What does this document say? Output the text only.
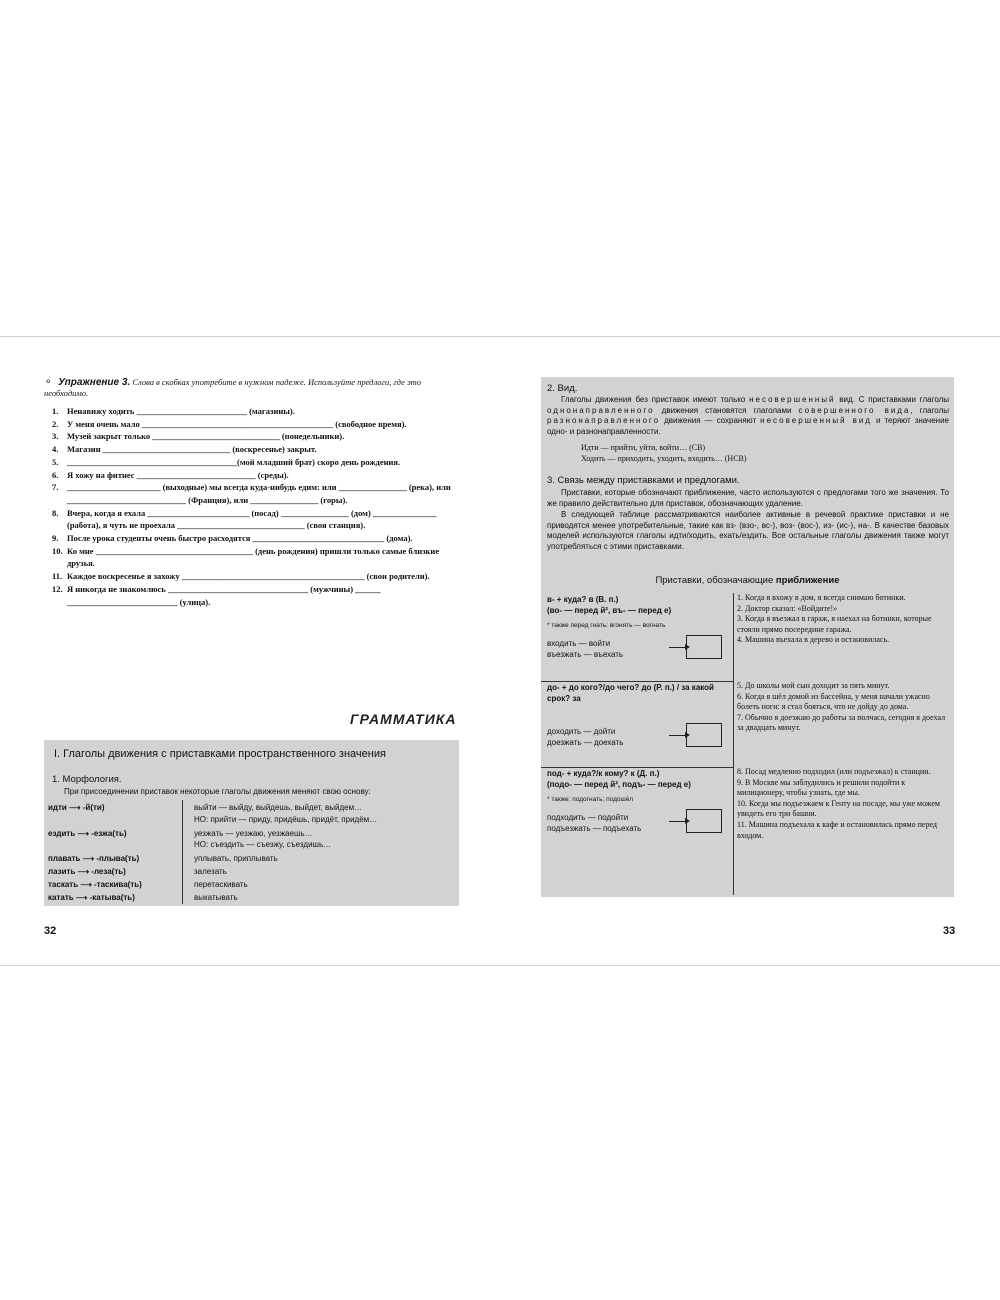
⚬ Упражнение 3. Слова в скобках употребите в нужном падеже. Используйте предлоги, где это необходимо.
1.	Ненавижу ходить __________________________ (магазины).
2.	У меня очень мало _____________________________________________ (свободное время).
3.	Музей закрыт только ______________________________ (понедельники).
4.	Магазин ______________________________ (воскресенье) закрыт.
5.	________________________________________(мой младший брат) скоро день рождения.
6.	Я хожу на фитнес ____________________________ (среды).
7.	______________________ (выходные) мы всегда куда-нибудь едим: или ________________ (река), или ____________________________ (Франция), или ________________ (горы).
8.	Вчера, когда я ехала ________________________ (посад) ________________ (дом) _______________ (работа), я чуть не проехала ______________________________ (своя станция).
9.	После урока студенты очень быстро расходятся _______________________________ (дома).
10. Ко мне _____________________________________ (день рождения) пришли только самые близкие друзья.
11. Каждое воскресенье я захожу ___________________________________________ (свои родители).
12. Я никогда не знакомлюсь _________________________________ (мужчины) ______ __________________________ (улица).
ГРАММАТИКА
I. Глаголы движения с приставками пространственного значения
1. Морфология.
При присоединении приставок некоторые глаголы движения меняют свою основу:
идти ⟶ -й(ти)	выйти — выйду, выйдешь, выйдет, выйдем…
НО: прийти — приду, придёшь, придёт, придём…
ездить ⟶ -езжа(ть)	уезжать — уезжаю, уезжаешь…
НО: съездить — съезжу, съездишь…
плавать ⟶ -плыва(ть)	уплывать, приплывать
лазить ⟶ -леза(ть)	залезать
таскать ⟶ -таскива(ть)	перетаскивать
катать ⟶ -катыва(ть)	выкатывать
32
2. Вид.
Глаголы движения без приставок имеют только несовершенный вид. С приставками глаголы однонаправленного движения становятся глаголами совершенного вида, глаголы разнонаправленного движения — сохраняют несовершенный вид и теряют значение одно- и разнонаправленности.
Идти — прийти, уйти, войти… (СВ)
Ходить — приходить, уходить, входить… (НСВ)
3. Связь между приставками и предлогами.
Приставки, которые обозначают приближение, часто используются с предлогами того же значения. То же правило действительно для приставок, обозначающих удаление.
В следующей таблице рассматриваются наиболее активные в речевой практике приставки и не приводятся менее употребительные, такие как вз- (взо-, вс-), воз- (вос-), из- (ис-), на-. В качестве базовых моделей используются глаголы идти/ходить, ехать/ездить. Все остальные глаголы движения также могут употребляться с этими приставками.
Приставки, обозначающие приближение
в- + куда? в (В. п.)
(во- — перед й², въ- — перед е)
* также перед гнать: вгонять — вогнать
входить — войти
въезжать — въехать
1. Когда я вхожу в дом, я всегда снимаю ботинки.
2. Доктор сказал: «Войдите!»
3. Когда я въезжал в гараж, я наехал на ботинки, которые стояли прямо посередине гаража.
4. Машина въехала в дерево и остановилась.
до- + до кого?/до чего? до (Р. п.) / за какой срок? за

доходить — дойти
доезжать — доехать
5. До школы мой сын доходит за пять минут.
6. Когда я шёл домой из бассейна, у меня начали ужасно болеть ноги: я стал бояться, что не дойду до дома.
7. Обычно я доезжаю до работы за полчаса, сегодня я доехал за двадцать минут.
под- + куда?/к кому? к (Д. п.)
(подо- — перед й², подъ- — перед е)
* также: подогнать; подошёл
подходить — подойти
подъезжать — подъехать
8. Посад медленно подходил (или подъезжал) к станции.
9. В Москве мы заблудились и решили подойти к милиционеру, чтобы узнать, где мы.
10. Когда мы подъезжаем к Генту на посаде, мы уже можем увидеть его три башни.
11. Машина подъехала к кафе и остановилась прямо перед входом.
33
